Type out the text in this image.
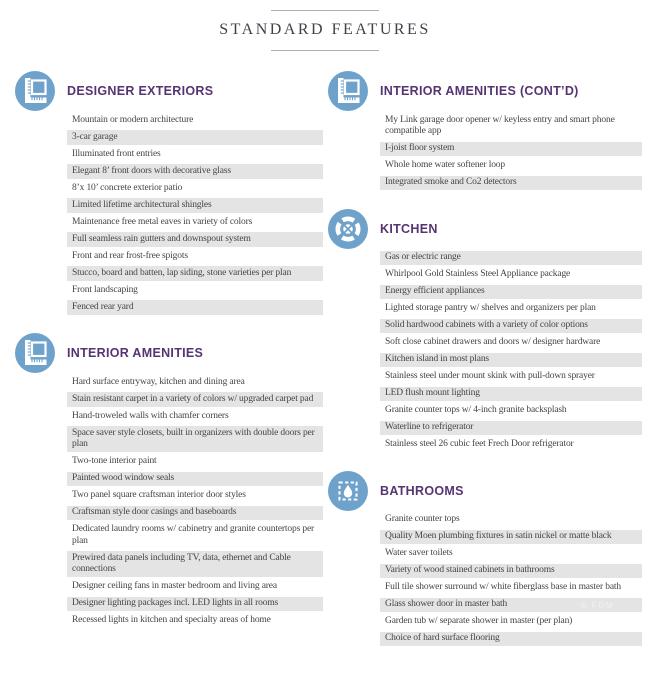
STANDARD FEATURES
DESIGNER EXTERIORS
Mountain or modern architecture
3-car garage
Illuminated front entries
Elegant 8’ front doors with decorative glass
8’x 10’ concrete exterior patio
Limited lifetime architectural shingles
Maintenance free metal eaves in variety of colors
Full seamless rain gutters and downspout system
Front and rear frost-free spigots
Stucco, board and batten, lap siding, stone varieties per plan
Front landscaping
Fenced rear yard
INTERIOR AMENITIES
Hard surface entryway, kitchen and dining area
Stain resistant carpet in a variety of colors w/ upgraded carpet pad
Hand-troweled walls with chamfer corners
Space saver style closets, built in organizers with double doors per plan
Two-tone interior paint
Painted wood window seals
Two panel square craftsman interior door styles
Craftsman style door casings and baseboards
Dedicated laundry rooms w/ cabinetry and granite countertops per plan
Prewired data panels including TV, data, ethernet and Cable connections
Designer ceiling fans in master bedroom and living area
Designer lighting packages incl. LED lights in all rooms
Recessed lights in kitchen and specialty areas of home
INTERIOR AMENITIES (CONT’D)
My Link garage door opener w/ keyless entry and smart phone compatible app
I-joist floor system
Whole home water softener loop
Integrated smoke and Co2 detectors
KITCHEN
Gas or electric range
Whirlpool Gold Stainless Steel Appliance package
Energy efficient appliances
Lighted storage pantry w/ shelves and organizers per plan
Solid hardwood cabinets with a variety of color options
Soft close cabinet drawers and doors w/ designer hardware
Kitchen island in most plans
Stainless steel under mount skink with pull-down sprayer
LED flush mount lighting
Granite counter tops w/ 4-inch granite backsplash
Waterline to refrigerator
Stainless steel 26 cubic feet Frech Door refrigerator
BATHROOMS
Granite counter tops
Quality Moen plumbing fixtures in satin nickel or matte black
Water saver toilets
Variety of wood stained cabinets in bathrooms
Full tile shower surround w/ white fiberglass base in master bath
Glass shower door in master bath	© FGM
Garden tub w/ separate shower in master (per plan)
Choice of hard surface flooring
